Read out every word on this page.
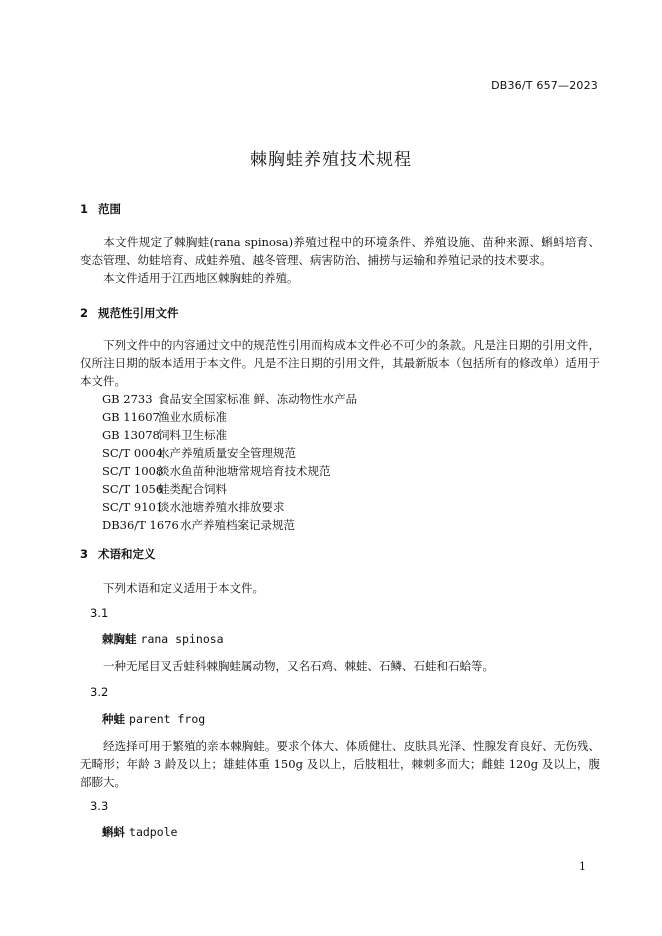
DB36/T 657—2023
棘胸蛙养殖技术规程
1 范围
本文件规定了棘胸蛙(rana spinosa)养殖过程中的环境条件、养殖设施、苗种来源、蝌蚪培育、变态管理、幼蛙培育、成蛙养殖、越冬管理、病害防治、捕捞与运输和养殖记录的技术要求。
本文件适用于江西地区棘胸蛙的养殖。
2 规范性引用文件
下列文件中的内容通过文中的规范性引用而构成本文件必不可少的条款。凡是注日期的引用文件，仅所注日期的版本适用于本文件。凡是不注日期的引用文件，其最新版本（包括所有的修改单）适用于本文件。
GB 2733 食品安全国家标准 鲜、冻动物性水产品
GB 11607渔业水质标准
GB 13078饲料卫生标准
SC/T 0004水产养殖质量安全管理规范
SC/T 1008淡水鱼苗种池塘常规培育技术规范
SC/T 1056蛙类配合饲料
SC/T 9101淡水池塘养殖水排放要求
DB36/T 1676水产养殖档案记录规范
3 术语和定义
下列术语和定义适用于本文件。
3.1
棘胸蛙 rana spinosa
一种无尾目叉舌蛙科棘胸蛙属动物，又名石鸡、棘蛙、石鳞、石蛙和石蛤等。
3.2
种蛙 parent frog
经选择可用于繁殖的亲本棘胸蛙。要求个体大、体质健壮、皮肤具光泽、性腺发育良好、无伤残、无畸形；年龄 3 龄及以上；雄蛙体重 150g 及以上，后肢粗壮，棘刺多而大；雌蛙 120g 及以上，腹部膨大。
3.3
蝌蚪 tadpole
1
